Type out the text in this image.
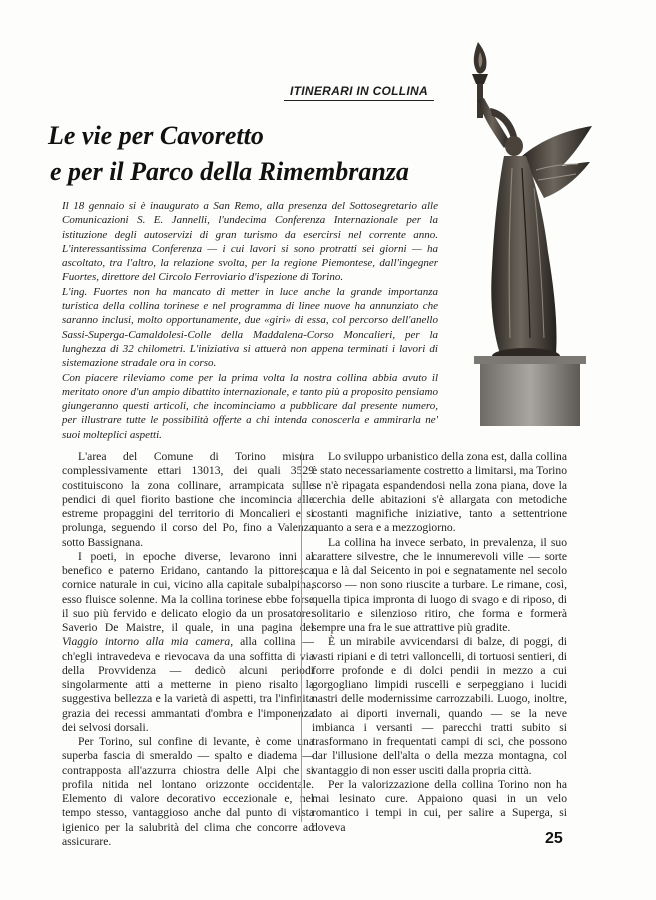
ITINERARI IN COLLINA
Le vie per Cavoretto
e per il Parco della Rimembranza

Il 18 gennaio si è inaugurato a San Remo, alla presenza del Sottosegretario alle Comunicazioni S. E. Jannelli, l'undecima Conferenza Internazionale per la istituzione degli autoservizi di gran turismo da esercirsi nel corrente anno. L'interessantissima Conferenza — i cui lavori si sono protratti sei giorni — ha ascoltato, tra l'altro, la relazione svolta, per la regione Piemontese, dall'ingegner Fuortes, direttore del Circolo Ferroviario d'ispezione di Torino.

L'ing. Fuortes non ha mancato di metter in luce anche la grande importanza turistica della collina torinese e nel programma di linee nuove ha annunziato che saranno inclusi, molto opportunamente, due «giri» di essa, col percorso dell'anello Sassi-Superga-Camaldolesi-Colle della Maddalena-Corso Moncalieri, per la lunghezza di 32 chilometri. L'iniziativa si attuerà non appena terminati i lavori di sistemazione stradale ora in corso.

Con piacere rileviamo come per la prima volta la nostra collina abbia avuto il meritato onore d'un ampio dibattito internazionale, e tanto più a proposito pensiamo giungeranno questi articoli, che incominciamo a pubblicare dal presente numero, per illustrare tutte le possibilità offerte a chi intenda conoscerla e ammirarla ne' suoi molteplici aspetti.

L'area del Comune di Torino misura complessivamente ettari 13013, dei quali 3529 costituiscono la zona collinare, arrampicata sulle pendici di quel fiorito bastione che incomincia alle estreme propaggini del territorio di Moncalieri e si prolunga, seguendo il corso del Po, fino a Valenza sotto Bassignana.

I poeti, in epoche diverse, levarono inni al benefico e paterno Eridano, cantando la pittoresca cornice naturale in cui, vicino alla capitale subalpina, esso fluisce solenne. Ma la collina torinese ebbe forse il suo più fervido e delicato elogio da un prosatore: Saverio De Maistre, il quale, in una pagina del Viaggio intorno alla mia camera, alla collina — ch'egli intravedeva e rievocava da una soffitta di via della Provvidenza — dedicò alcuni periodi singolarmente atti a metterne in pieno risalto la suggestiva bellezza e la varietà di aspetti, tra l'infinita grazia dei recessi ammantati d'ombra e l'imponenza dei selvosi dorsali.

Per Torino, sul confine di levante, è come una superba fascia di smeraldo — spalto e diadema — contrapposta all'azzurra chiostra delle Alpi che si profila nitida nel lontano orizzonte occidentale. Elemento di valore decorativo eccezionale e, nel tempo stesso, vantaggioso anche dal punto di vista igienico per la salubrità del clima che concorre ad assicurare.

Lo sviluppo urbanistico della zona est, dalla collina è stato necessariamente costretto a limitarsi, ma Torino se n'è ripagata espandendosi nella zona piana, dove la cerchia delle abitazioni s'è allargata con metodiche costanti magnifiche iniziative, tanto a settentrione quanto a sera e a mezzogiorno.

La collina ha invece serbato, in prevalenza, il suo carattere silvestre, che le innumerevoli ville — sorte qua e là dal Seicento in poi e segnatamente nel secolo scorso — non sono riuscite a turbare. Le rimane, così, quella tipica impronta di luogo di svago e di riposo, di solitario e silenzioso ritiro, che forma e formerà sempre una fra le sue attrattive più gradite.

È un mirabile avvicendarsi di balze, di poggi, di vasti ripiani e di tetri valloncelli, di tortuosi sentieri, di forre profonde e di dolci pendii in mezzo a cui gorgogliano limpidi ruscelli e serpeggiano i lucidi nastri delle modernissime carrozzabili. Luogo, inoltre, dato ai diporti invernali, quando — se la neve imbianca i versanti — parecchi tratti subito si trasformano in frequentati campi di sci, che possono dar l'illusione dell'alta o della mezza montagna, col vantaggio di non esser usciti dalla propria città.

Per la valorizzazione della collina Torino non ha mai lesinato cure. Appaiono quasi in un velo romantico i tempi in cui, per salire a Superga, si doveva

25
